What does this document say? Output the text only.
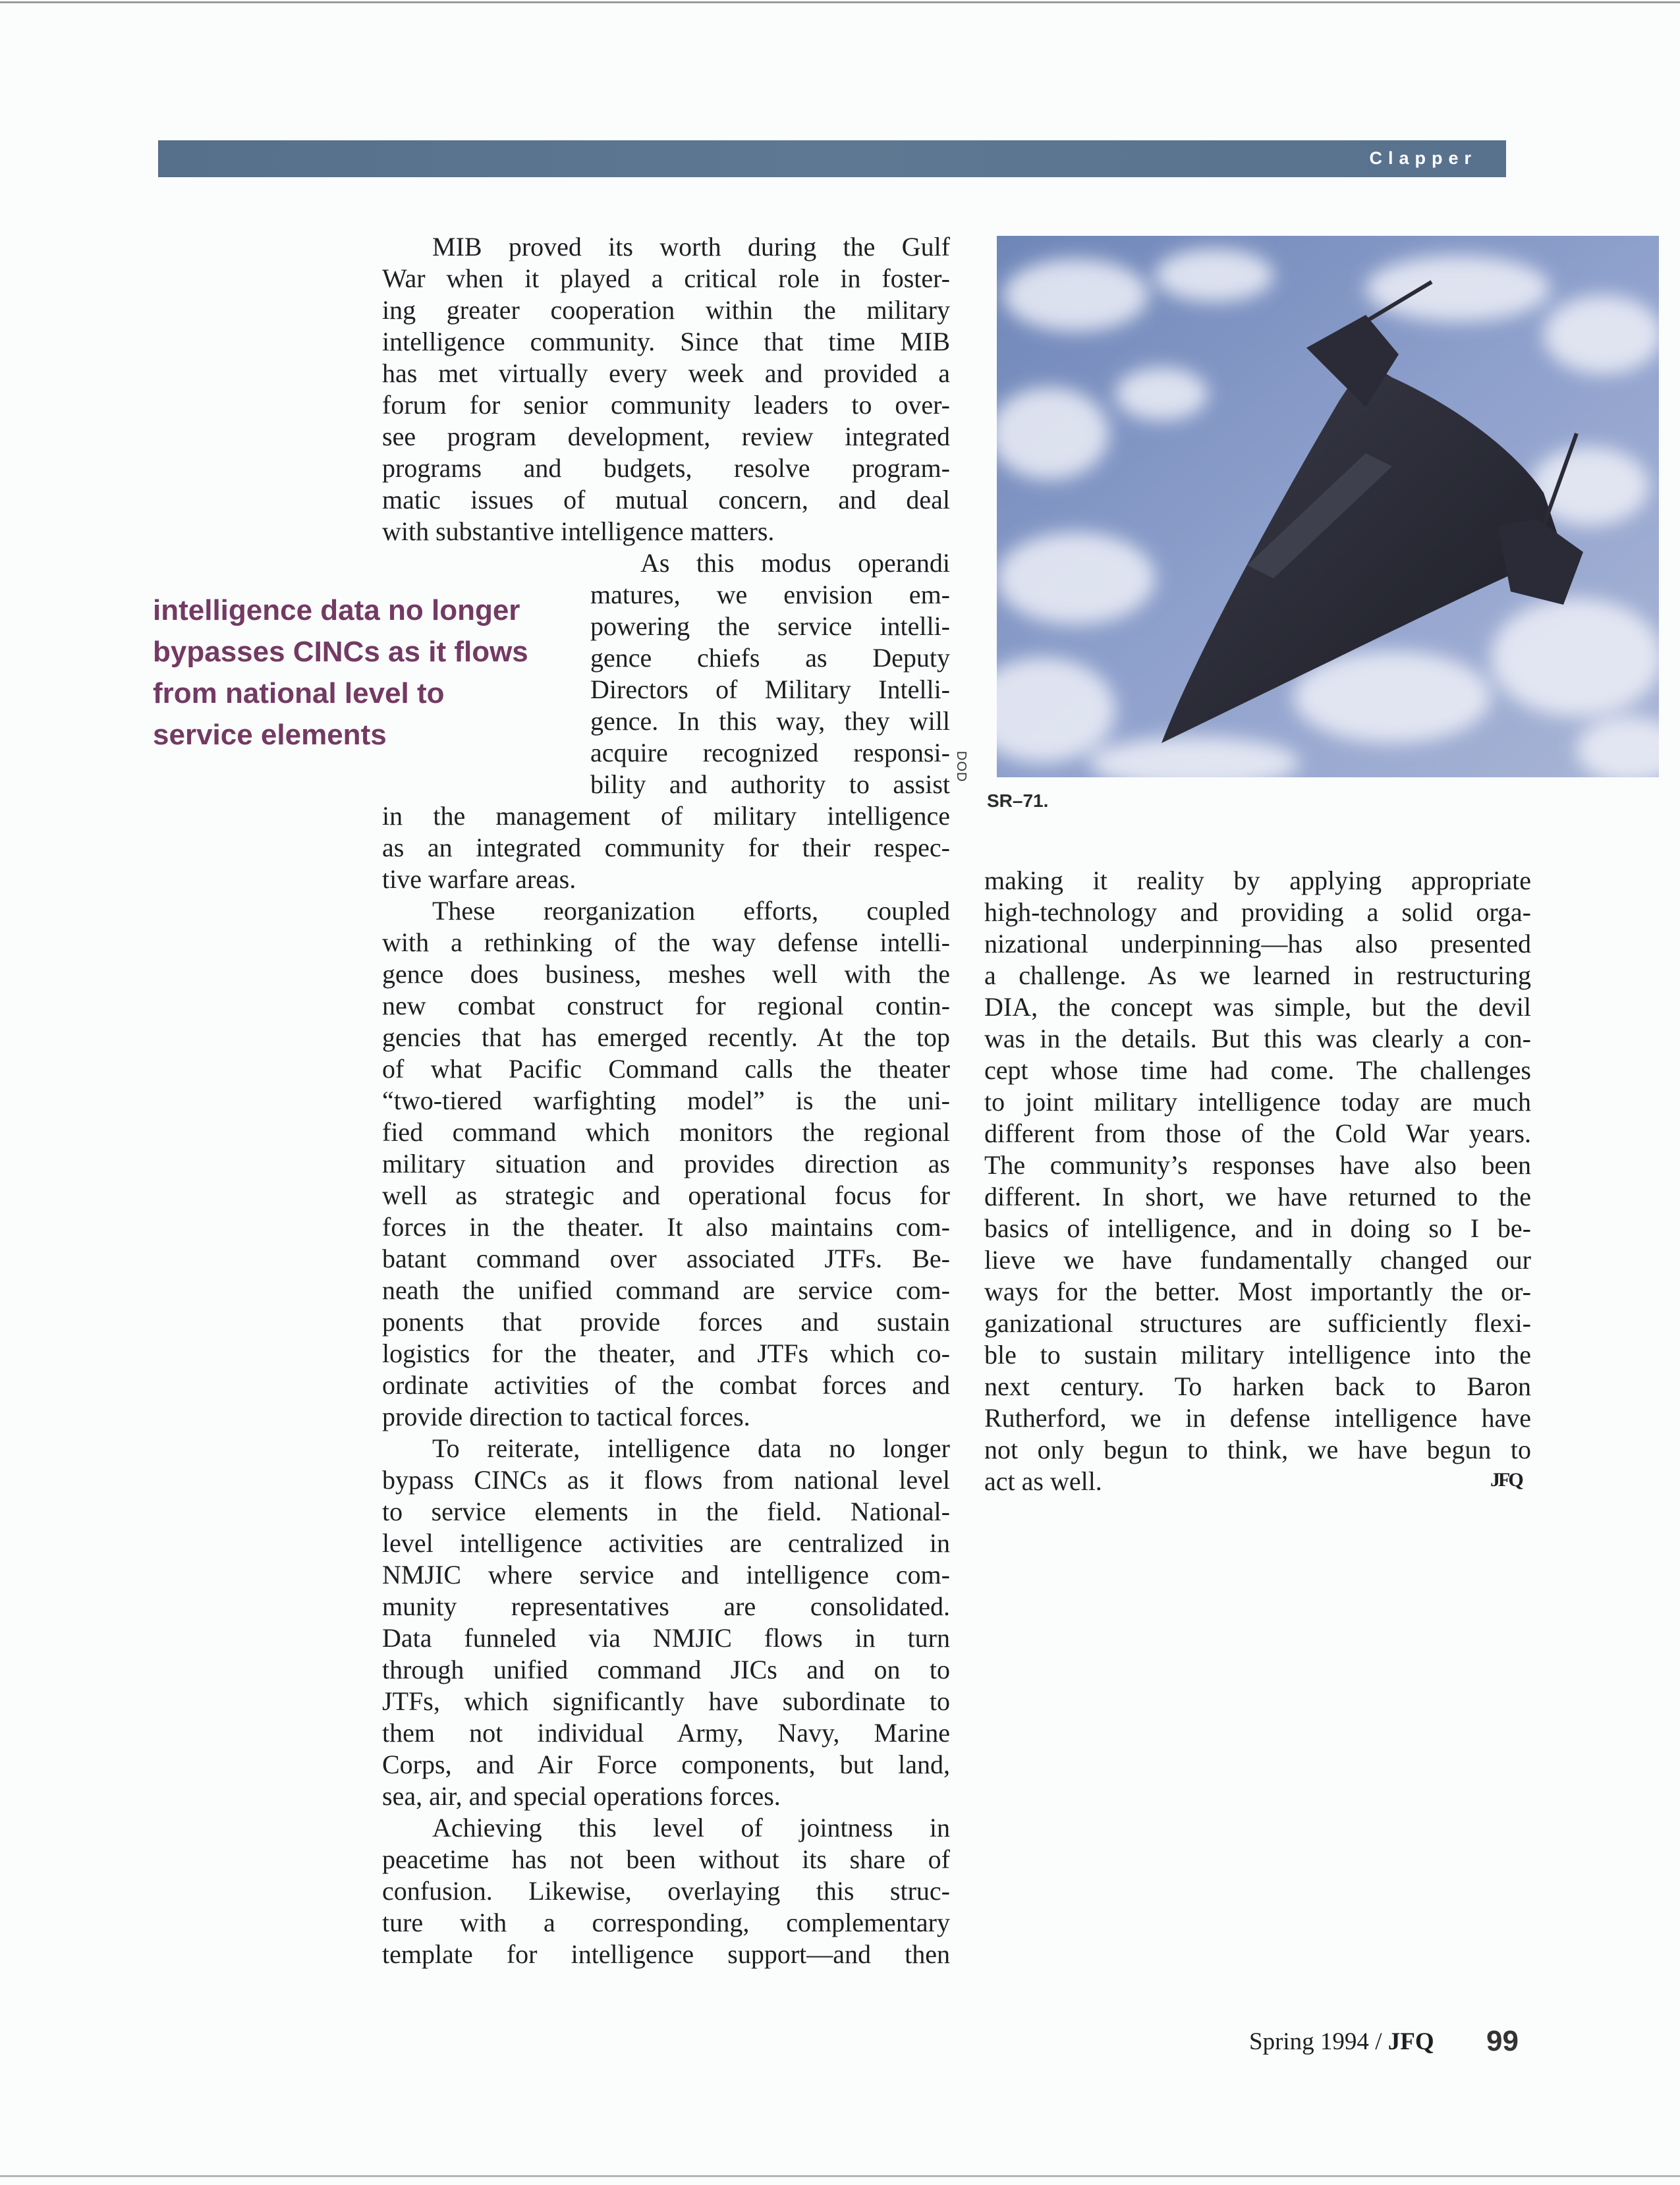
Clapper
MIB proved its worth during the Gulf
War when it played a critical role in foster-
ing greater cooperation within the military
intelligence community. Since that time MIB
has met virtually every week and provided a
forum for senior community leaders to over-
see program development, review integrated
programs and budgets, resolve program-
matic issues of mutual concern, and deal
with substantive intelligence matters.
As this modus operandi
matures, we envision em-
powering the service intelli-
gence chiefs as Deputy
Directors of Military Intelli-
gence. In this way, they will
acquire recognized responsi-
bility and authority to assist
in the management of military intelligence
as an integrated community for their respec-
tive warfare areas.
These reorganization efforts, coupled
with a rethinking of the way defense intelli-
gence does business, meshes well with the
new combat construct for regional contin-
gencies that has emerged recently. At the top
of what Pacific Command calls the theater
“two-tiered warfighting model” is the uni-
fied command which monitors the regional
military situation and provides direction as
well as strategic and operational focus for
forces in the theater. It also maintains com-
batant command over associated JTFs. Be-
neath the unified command are service com-
ponents that provide forces and sustain
logistics for the theater, and JTFs which co-
ordinate activities of the combat forces and
provide direction to tactical forces.
To reiterate, intelligence data no longer
bypass CINCs as it flows from national level
to service elements in the field. National-
level intelligence activities are centralized in
NMJIC where service and intelligence com-
munity representatives are consolidated.
Data funneled via NMJIC flows in turn
through unified command JICs and on to
JTFs, which significantly have subordinate to
them not individual Army, Navy, Marine
Corps, and Air Force components, but land,
sea, air, and special operations forces.
Achieving this level of jointness in
peacetime has not been without its share of
confusion. Likewise, overlaying this struc-
ture with a corresponding, complementary
template for intelligence support—and then
intelligence data no longer
bypasses CINCs as it flows
from national level to
service elements
DOD
SR–71.
making it reality by applying appropriate
high-technology and providing a solid orga-
nizational underpinning—has also presented
a challenge. As we learned in restructuring
DIA, the concept was simple, but the devil
was in the details. But this was clearly a con-
cept whose time had come. The challenges
to joint military intelligence today are much
different from those of the Cold War years.
The community’s responses have also been
different. In short, we have returned to the
basics of intelligence, and in doing so I be-
lieve we have fundamentally changed our
ways for the better. Most importantly the or-
ganizational structures are sufficiently flexi-
ble to sustain military intelligence into the
next century. To harken back to Baron
Rutherford, we in defense intelligence have
not only begun to think, we have begun to
act as well.	JFQ
Spring 1994 / JFQ 99
